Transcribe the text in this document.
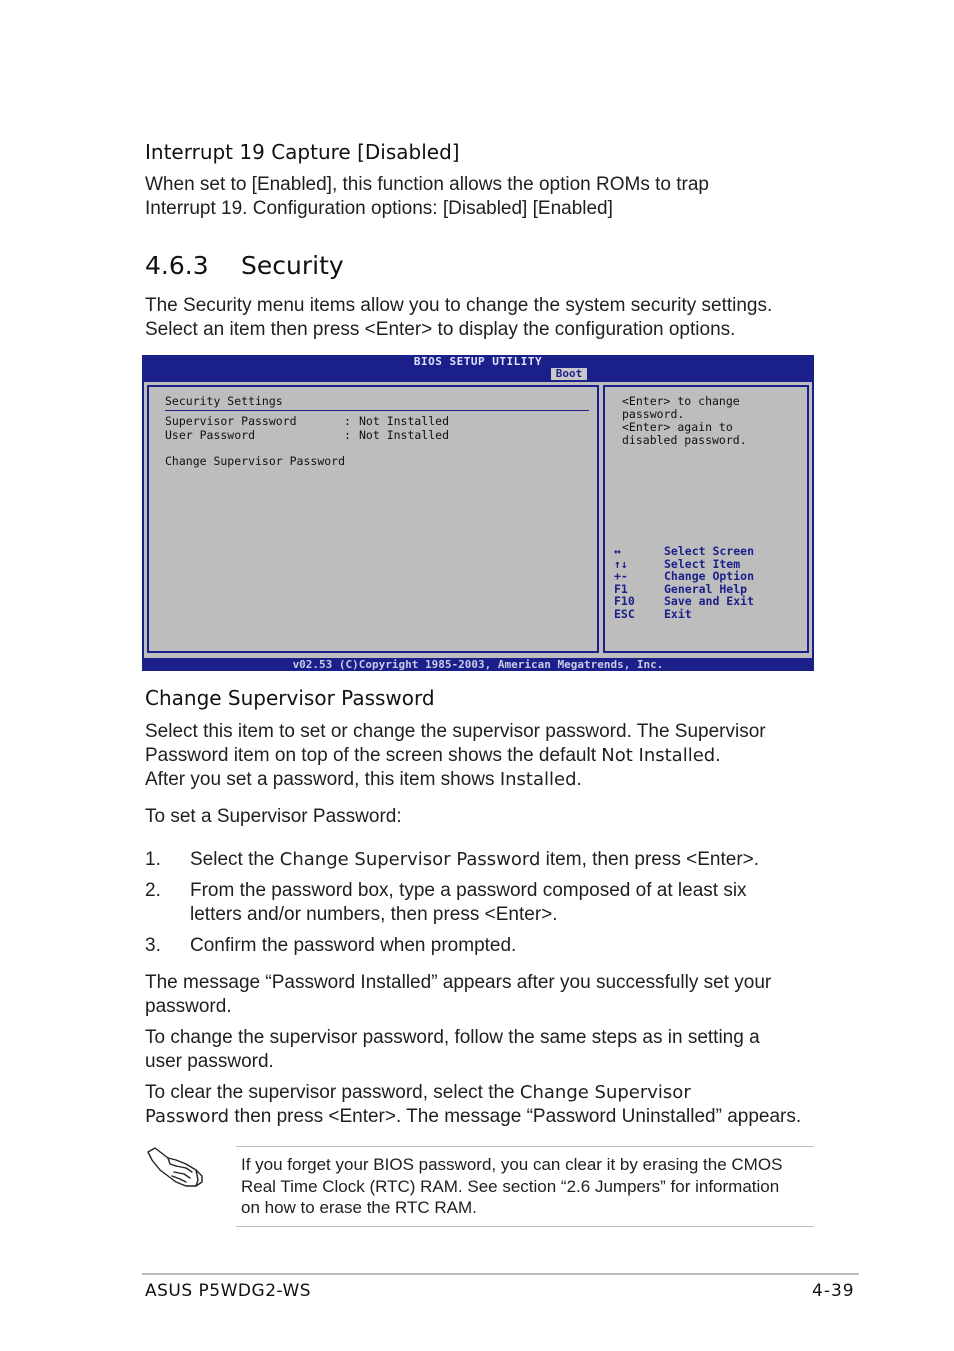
Interrupt 19 Capture [Disabled]
When set to [Enabled], this function allows the option ROMs to trap
Interrupt 19. Configuration options: [Disabled] [Enabled]
4.6.3 Security
The Security menu items allow you to change the system security settings.
Select an item then press <Enter> to display the configuration options.
BIOS SETUP UTILITY
Boot
Security Settings
Supervisor Password	: Not Installed
User Password	: Not Installed
Change Supervisor Password
<Enter> to change
password.
<Enter> again to
disabled password.
↔	Select Screen
↑↓	Select Item
+-	Change Option
F1	General Help
F10	Save and Exit
ESC	Exit
v02.53 (C)Copyright 1985-2003, American Megatrends, Inc.
Change Supervisor Password
Select this item to set or change the supervisor password. The Supervisor
Password item on top of the screen shows the default Not Installed.
After you set a password, this item shows Installed.
To set a Supervisor Password:
1. Select the Change Supervisor Password item, then press <Enter>.
2. From the password box, type a password composed of at least six
letters and/or numbers, then press <Enter>.
3. Confirm the password when prompted.
The message “Password Installed” appears after you successfully set your
password.
To change the supervisor password, follow the same steps as in setting a
user password.
To clear the supervisor password, select the Change Supervisor
Password then press <Enter>. The message “Password Uninstalled” appears.
If you forget your BIOS password, you can clear it by erasing the CMOS
Real Time Clock (RTC) RAM. See section “2.6 Jumpers” for information
on how to erase the RTC RAM.
ASUS P5WDG2-WS	4-39
